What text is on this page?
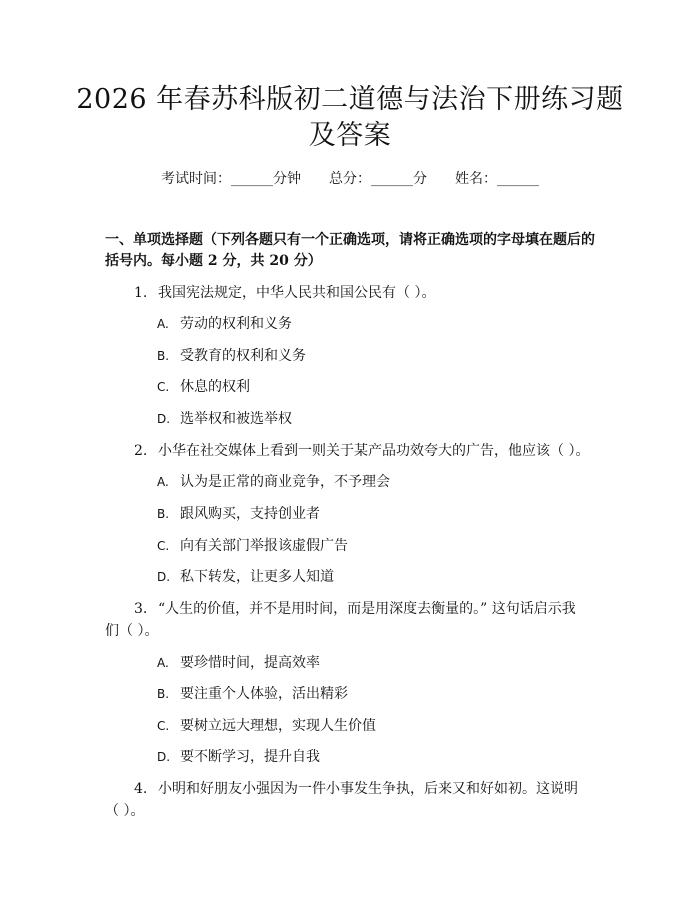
2026 年春苏科版初二道德与法治下册练习题
及答案
考试时间：______分钟 总分：______分 姓名：______
一、单项选择题（下列各题只有一个正确选项，请将正确选项的字母填在题后的
括号内。每小题 2 分，共 20 分）
1. 我国宪法规定，中华人民共和国公民有（ ）。
A. 劳动的权利和义务
B. 受教育的权利和义务
C. 休息的权利
D. 选举权和被选举权
2. 小华在社交媒体上看到一则关于某产品功效夸大的广告，他应该（ ）。
A. 认为是正常的商业竞争，不予理会
B. 跟风购买，支持创业者
C. 向有关部门举报该虚假广告
D. 私下转发，让更多人知道
3. “人生的价值，并不是用时间，而是用深度去衡量的。” 这句话启示我
们（ ）。
A. 要珍惜时间，提高效率
B. 要注重个人体验，活出精彩
C. 要树立远大理想，实现人生价值
D. 要不断学习，提升自我
4. 小明和好朋友小强因为一件小事发生争执，后来又和好如初。这说明
（ ）。
